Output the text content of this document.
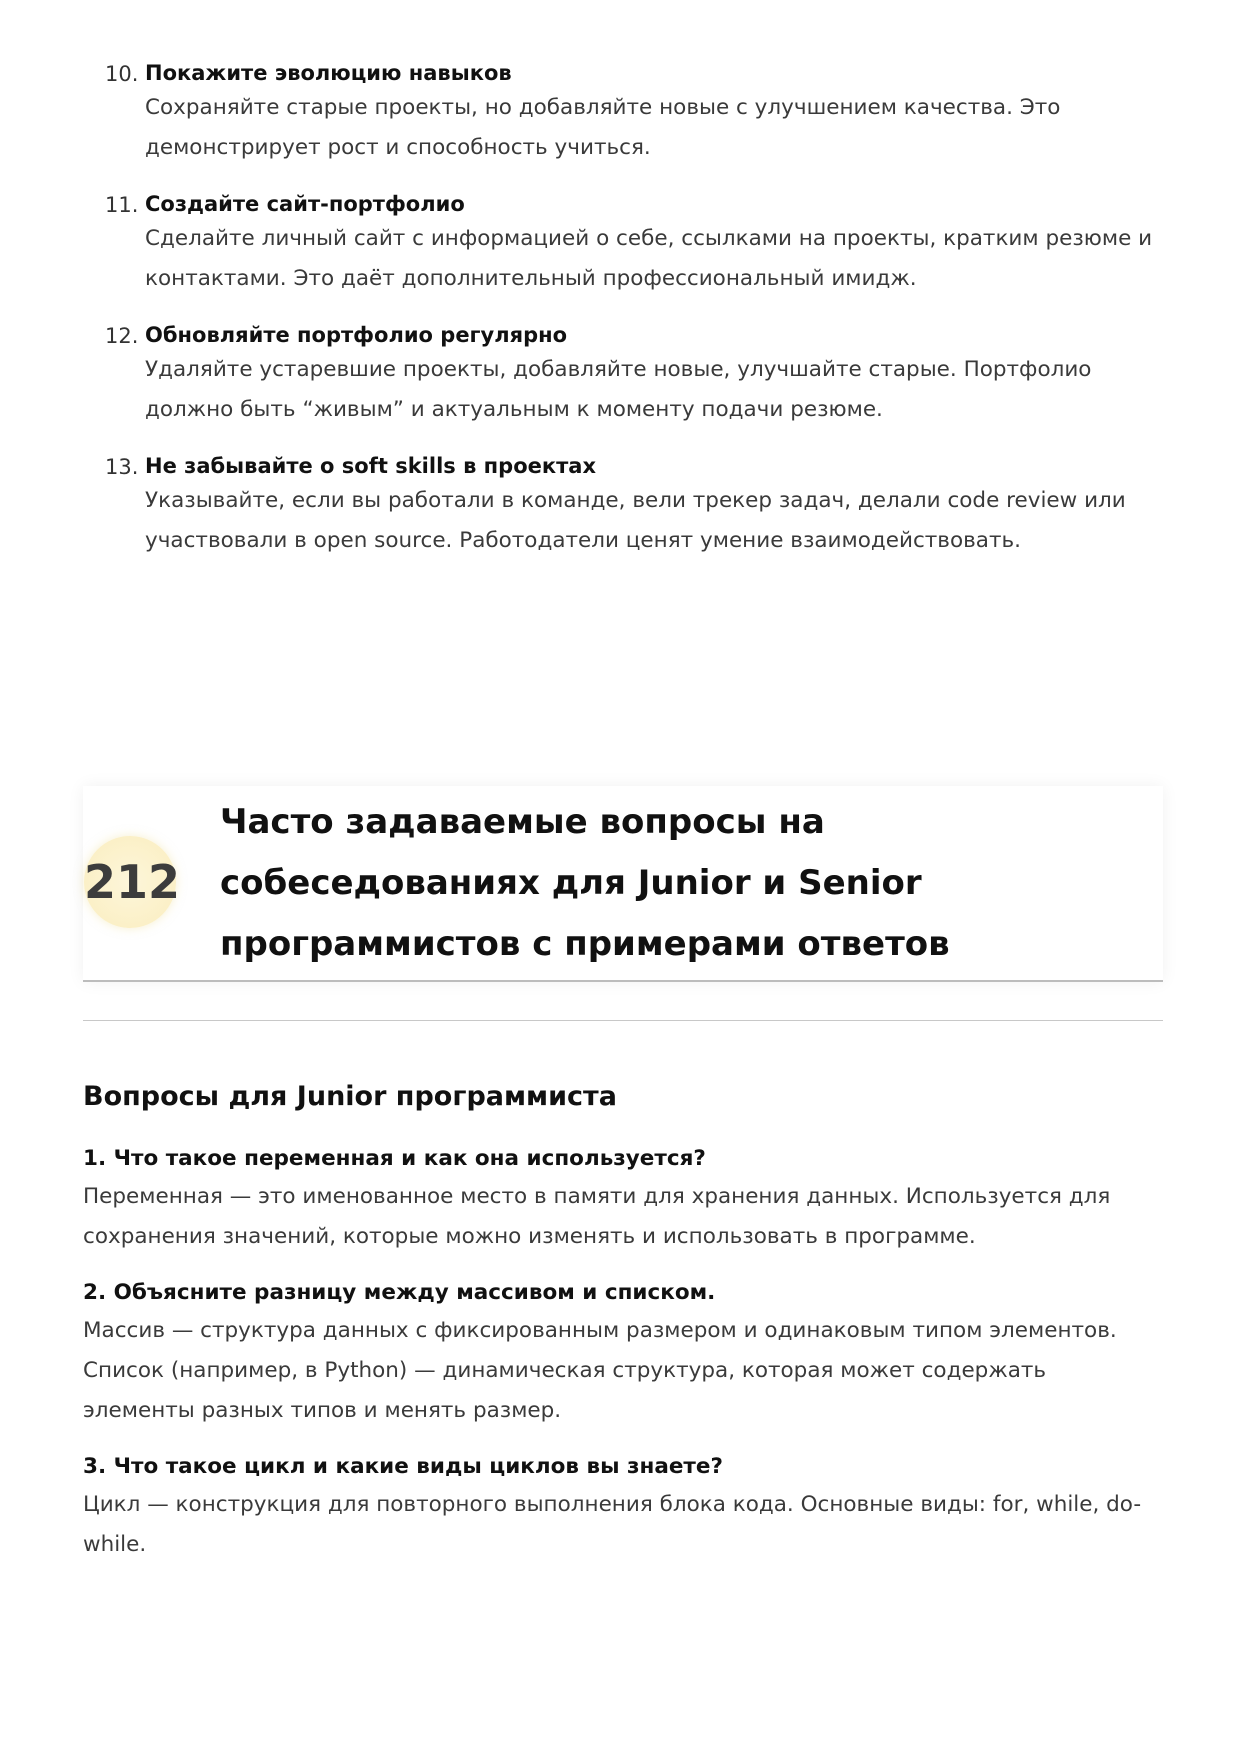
10. Покажите эволюцию навыков
Сохраняйте старые проекты, но добавляйте новые с улучшением качества. Это демонстрирует рост и способность учиться.
11. Создайте сайт-портфолио
Сделайте личный сайт с информацией о себе, ссылками на проекты, кратким резюме и контактами. Это даёт дополнительный профессиональный имидж.
12. Обновляйте портфолио регулярно
Удаляйте устаревшие проекты, добавляйте новые, улучшайте старые. Портфолио должно быть “живым” и актуальным к моменту подачи резюме.
13. Не забывайте о soft skills в проектах
Указывайте, если вы работали в команде, вели трекер задач, делали code review или участвовали в open source. Работодатели ценят умение взаимодействовать.
212
Часто задаваемые вопросы на собеседованиях для Junior и Senior программистов с примерами ответов
Вопросы для Junior программиста
1. Что такое переменная и как она используется?
Переменная — это именованное место в памяти для хранения данных. Используется для сохранения значений, которые можно изменять и использовать в программе.
2. Объясните разницу между массивом и списком.
Массив — структура данных с фиксированным размером и одинаковым типом элементов. Список (например, в Python) — динамическая структура, которая может содержать элементы разных типов и менять размер.
3. Что такое цикл и какие виды циклов вы знаете?
Цикл — конструкция для повторного выполнения блока кода. Основные виды: for, while, do-while.
